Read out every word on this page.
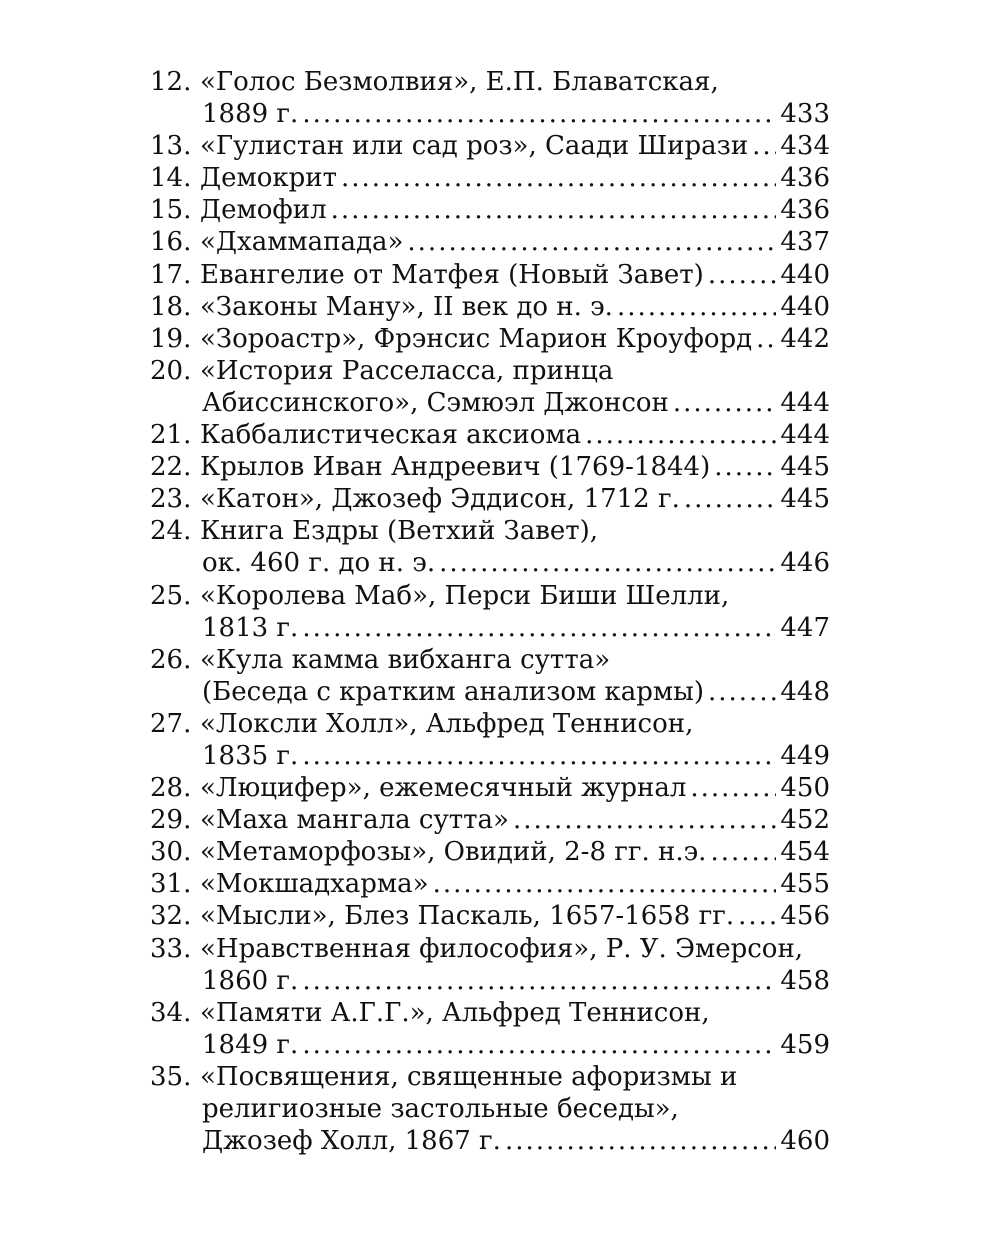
12. «Голос Безмолвия», Е.П. Блаватская,
1889 г. .....	433
13. «Гулистан или сад роз», Саади Ширази ..... 434
14. Демокрит .....	436
15. Демофил .....	436
16. «Дхаммапада» .....	437
17. Евангелие от Матфея (Новый Завет) .....	440
18. «Законы Ману», II век до н. э. .....	440
19. «Зороастр», Фрэнсис Марион Кроуфорд ..... 442
20. «История Расселасса, принца
Абиссинского», Сэмюэл Джонсон .....	444
21. Каббалистическая аксиома .....	444
22. Крылов Иван Андреевич (1769-1844) .....	445
23. «Катон», Джозеф Эддисон, 1712 г. .....	445
24. Книга Ездры (Ветхий Завет),
ок. 460 г. до н. э. .....	446
25. «Королева Маб», Перси Биши Шелли,
1813 г. .....	447
26. «Кула камма вибханга сутта»
(Беседа с кратким анализом кармы) .....	448
27. «Локсли Холл», Альфред Теннисон,
1835 г. .....	449
28. «Люцифер», ежемесячный журнал .....	450
29. «Маха мангала сутта» .....	452
30. «Метаморфозы», Овидий, 2-8 гг. н.э. .....	454
31. «Мокшадхарма» .....	455
32. «Мысли», Блез Паскаль, 1657-1658 гг. ..... 456
33. «Нравственная философия», Р. У. Эмерсон,
1860 г. .....	458
34. «Памяти А.Г.Г.», Альфред Теннисон,
1849 г. .....	459
35. «Посвящения, священные афоризмы и
религиозные застольные беседы»,
Джозеф Холл, 1867 г. .....	460
